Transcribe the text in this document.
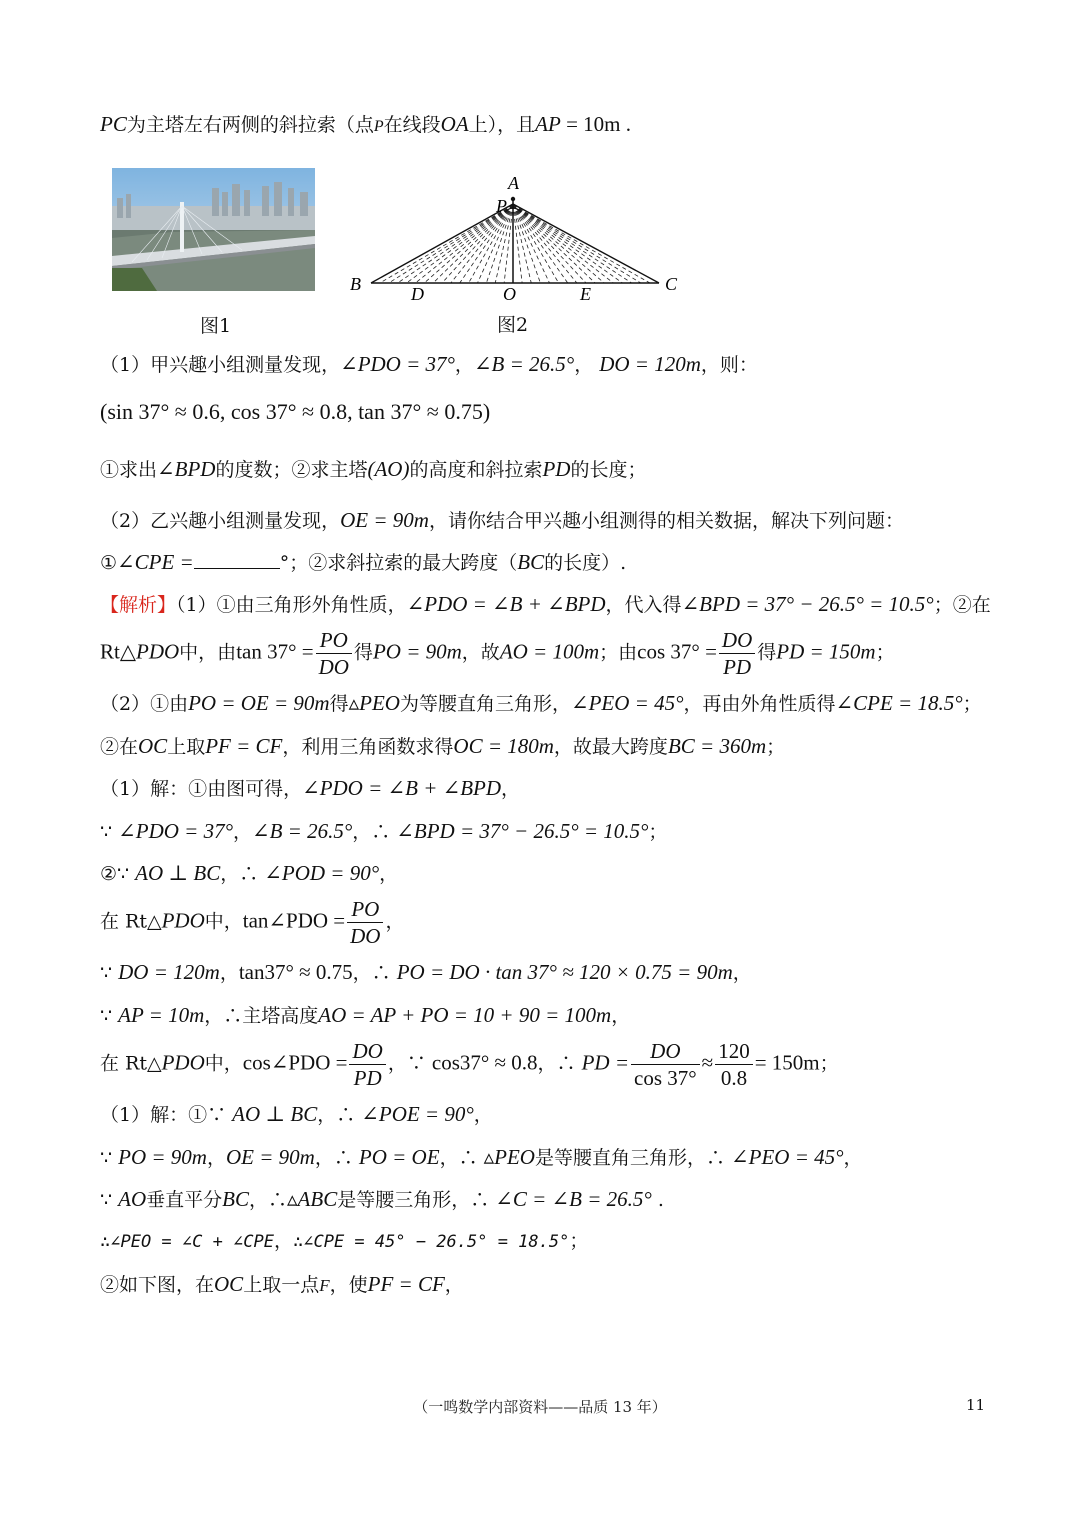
PC为主塔左右两侧的斜拉索（点P在线段OA上），且AP = 10m .
图1
A
P
B	D	O	E	C
图2
（1）甲兴趣小组测量发现，∠PDO = 37°，∠B = 26.5°， DO = 120m，则：
(sin 37° ≈ 0.6, cos 37° ≈ 0.8, tan 37° ≈ 0.75)
①求出∠BPD的度数；②求主塔(AO)的高度和斜拉索PD的长度；
（2）乙兴趣小组测量发现，OE = 90m，请你结合甲兴趣小组测得的相关数据，解决下列问题：
①∠CPE =	°；②求斜拉索的最大跨度（BC的长度）.
【解析】（1）①由三角形外角性质，∠PDO = ∠B + ∠BPD，代入得∠BPD = 37° − 26.5° = 10.5°；②在
Rt△PDO中，由$\tan 37^\circ = \frac{PO}{DO}$ 得PO = 90m，故AO = 100m；由$\cos 37^\circ = \frac{DO}{PD}$ 得PD = 150m；
（2）①由PO = OE = 90m得▵PEO为等腰直角三角形，∠PEO = 45°，再由外角性质得∠CPE = 18.5°；
②在OC上取PF = CF，利用三角函数求得OC = 180m，故最大跨度BC = 360m；
（1）解：①由图可得，∠PDO = ∠B + ∠BPD，
∵ ∠PDO = 37°，∠B = 26.5°，∴ ∠BPD = 37° − 26.5° = 10.5°；
②∵ AO ⊥ BC，∴ ∠POD = 90°，
在 Rt△PDO中，tan∠PDO = $\frac{PO}{DO}$ ，
∵ DO = 120m，tan37° ≈ 0.75，∴ PO = DO · tan 37° ≈ 120 × 0.75 = 90m，
∵ AP = 10m，∴主塔高度AO = AP + PO = 10 + 90 = 100m，
在 Rt△PDO中，cos∠PDO = $\frac{DO}{PD}$ ，∵ cos37° ≈ 0.8，∴ PD = $\frac{DO}{\cos 37^\circ} \approx \frac{120}{0.8} = 150m$；
（1）解：①∵ AO ⊥ BC，∴ ∠POE = 90°，
∵ PO = 90m，OE = 90m，∴ PO = OE，∴ ▵PEO是等腰直角三角形，∴ ∠PEO = 45°，
∵ AO垂直平分BC，∴▵ABC是等腰三角形，∴ ∠C = ∠B = 26.5° .
∴∠PEO = ∠C + ∠CPE，∴∠CPE = 45° − 26.5° = 18.5°；
②如下图，在OC上取一点F，使PF = CF，
（一鸣数学内部资料——品质 13 年）	11
